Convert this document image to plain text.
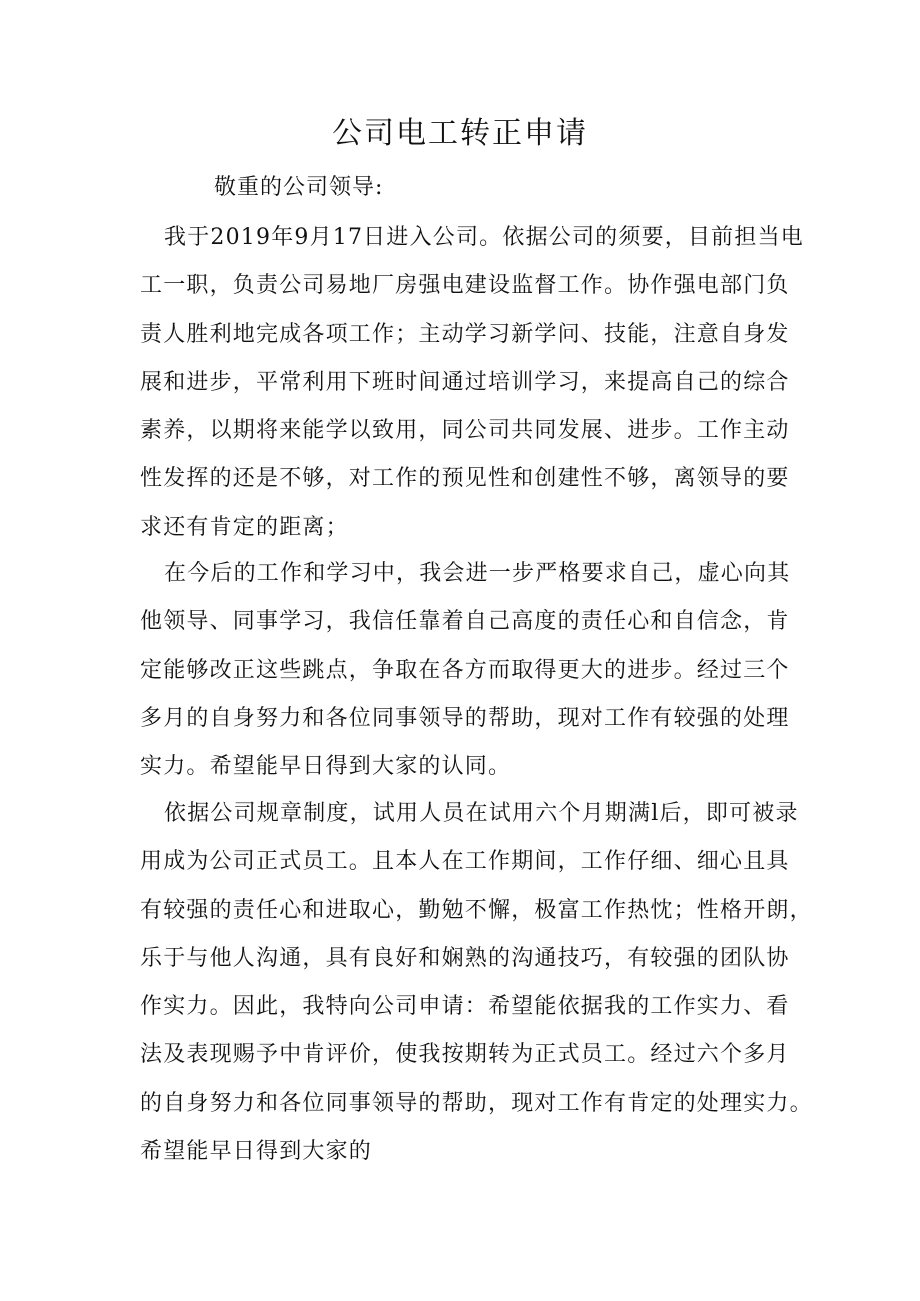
公司电工转正申请

敬重的公司领导:

我于2019年9月17日进入公司。依据公司的须要，目前担当电
工一职，负责公司易地厂房强电建设监督工作。协作强电部门负
责人胜利地完成各项工作；主动学习新学问、技能，注意自身发
展和进步，平常利用下班时间通过培训学习，来提高自己的综合
素养，以期将来能学以致用，同公司共同发展、进步。工作主动
性发挥的还是不够，对工作的预见性和创建性不够，离领导的要
求还有肯定的距离；
在今后的工作和学习中，我会进一步严格要求自己，虚心向其
他领导、同事学习，我信任靠着自己高度的责任心和自信念，肯
定能够改正这些跳点，争取在各方而取得更大的进步。经过三个
多月的自身努力和各位同事领导的帮助，现对工作有较强的处理
实力。希望能早日得到大家的认同。
依据公司规章制度，试用人员在试用六个月期满l后，即可被录
用成为公司正式员工。且本人在工作期间，工作仔细、细心且具
有较强的责任心和进取心，勤勉不懈，极富工作热忱；性格开朗，
乐于与他人沟通，具有良好和娴熟的沟通技巧，有较强的团队协
作实力。因此，我特向公司申请：希望能依据我的工作实力、看
法及表现赐予中肯评价，使我按期转为正式员工。经过六个多月
的自身努力和各位同事领导的帮助，现对工作有肯定的处理实力。
希望能早日得到大家的
